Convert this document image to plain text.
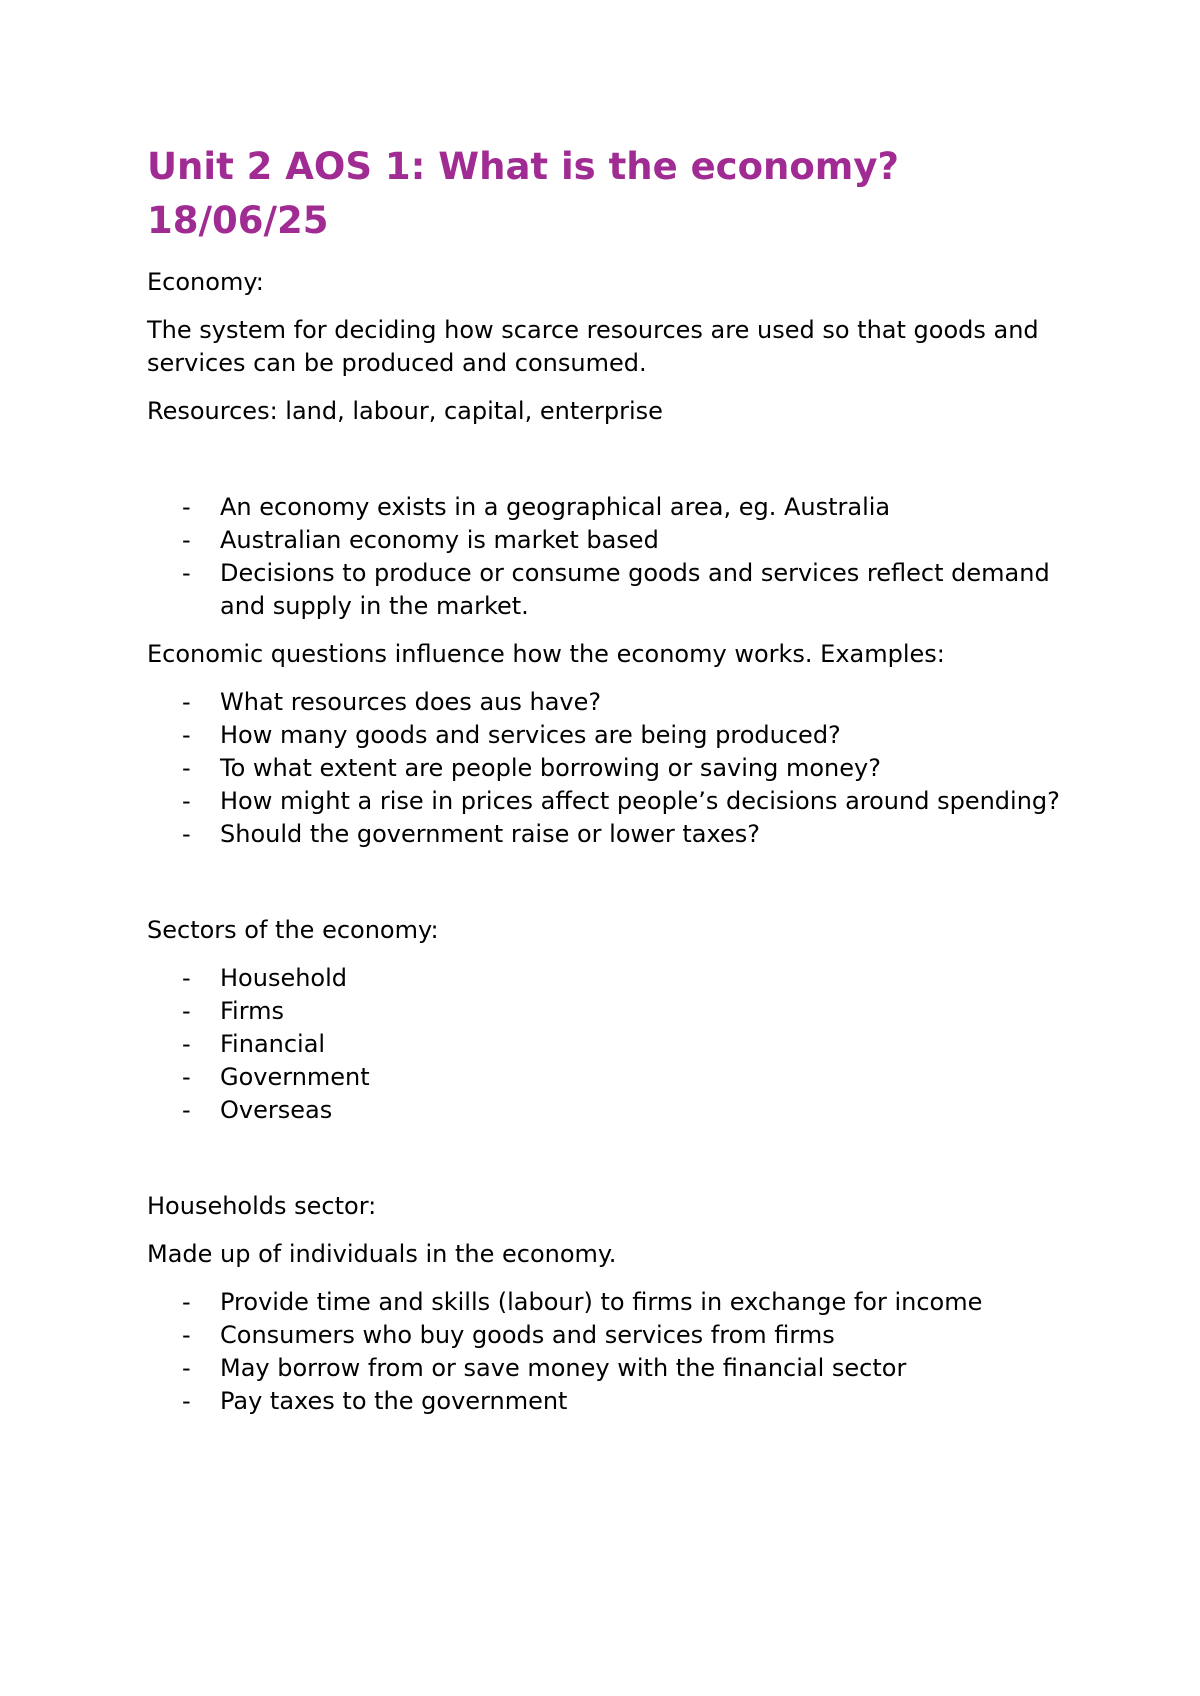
Unit 2 AOS 1: What is the economy? 18/06/25

Economy:

The system for deciding how scarce resources are used so that goods and services can be produced and consumed.

Resources: land, labour, capital, enterprise

- An economy exists in a geographical area, eg. Australia
- Australian economy is market based
- Decisions to produce or consume goods and services reflect demand and supply in the market.

Economic questions influence how the economy works. Examples:

- What resources does aus have?
- How many goods and services are being produced?
- To what extent are people borrowing or saving money?
- How might a rise in prices affect people’s decisions around spending?
- Should the government raise or lower taxes?

Sectors of the economy:

- Household
- Firms
- Financial
- Government
- Overseas

Households sector:

Made up of individuals in the economy.

- Provide time and skills (labour) to firms in exchange for income
- Consumers who buy goods and services from firms
- May borrow from or save money with the financial sector
- Pay taxes to the government
